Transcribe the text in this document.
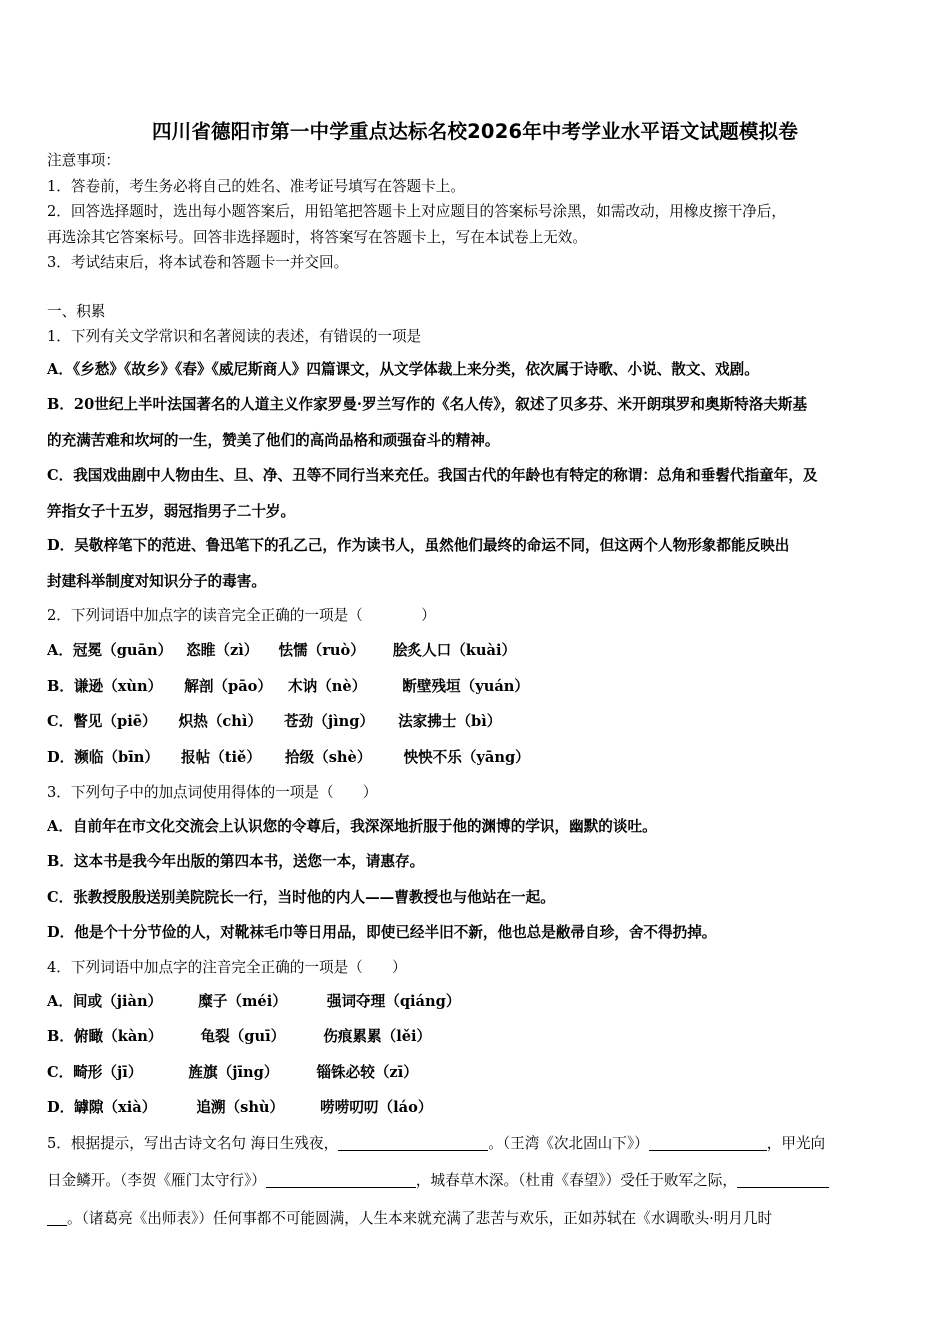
四川省德阳市第一中学重点达标名校2026年中考学业水平语文试题模拟卷
注意事项：
1．答卷前，考生务必将自己的姓名、准考证号填写在答题卡上。
2．回答选择题时，选出每小题答案后，用铅笔把答题卡上对应题目的答案标号涂黑，如需改动，用橡皮擦干净后，
再选涂其它答案标号。回答非选择题时，将答案写在答题卡上，写在本试卷上无效。
3．考试结束后，将本试卷和答题卡一并交回。
一、积累
1．下列有关文学常识和名著阅读的表述，有错误的一项是
A．《乡愁》《故乡》《春》《威尼斯商人》四篇课文，从文学体裁上来分类，依次属于诗歌、小说、散文、戏剧。
B．20世纪上半叶法国著名的人道主义作家罗曼·罗兰写作的《名人传》，叙述了贝多芬、米开朗琪罗和奥斯特洛夫斯基
的充满苦难和坎坷的一生，赞美了他们的高尚品格和顽强奋斗的精神。
C．我国戏曲剧中人物由生、旦、净、丑等不同行当来充任。我国古代的年龄也有特定的称谓：总角和垂髫代指童年，及
笄指女子十五岁，弱冠指男子二十岁。
D．吴敬梓笔下的范进、鲁迅笔下的孔乙己，作为读书人，虽然他们最终的命运不同，但这两个人物形象都能反映出
封建科举制度对知识分子的毒害。
2．下列词语中加点字的读音完全正确的一项是（　　　　）
A．冠冕（guān） 恣睢（zì） 怯懦（ruò） 脍炙人口（kuài）
B．谦逊（xùn） 解剖（pāo） 木讷（nè） 断壁残垣（yuán）
C．瞥见（piē） 炽热（chì） 苍劲（jìng） 法家拂士（bì）
D．濒临（bīn） 报帖（tiě） 拾级（shè） 怏怏不乐（yāng）
3．下列句子中的加点词使用得体的一项是（　　）
A．自前年在市文化交流会上认识您的令尊后，我深深地折服于他的渊博的学识，幽默的谈吐。
B．这本书是我今年出版的第四本书，送您一本，请惠存。
C．张教授殷殷送别美院院长一行，当时他的内人——曹教授也与他站在一起。
D．他是个十分节俭的人，对靴袜毛巾等日用品，即使已经半旧不新，他也总是敝帚自珍，舍不得扔掉。
4．下列词语中加点字的注音完全正确的一项是（　　）
A．间或（jiàn） 糜子（méi）	强词夺理（qiáng）
B．俯瞰（kàn）	龟裂（guī）	伤痕累累（lěi）
C．畸形（jī）	旌旗（jīng）	锱铢必较（zī）
D．罅隙（xià）	追溯（shù） 唠唠叨叨（láo）
5．根据提示，写出古诗文名句 海日生残夜，	。（王湾《次北固山下》）	，甲光向
日金鳞开。（李贺《雁门太守行》）	，城春草木深。（杜甫《春望》）受任于败军之际，
。（诸葛亮《出师表》）任何事都不可能圆满，人生本来就充满了悲苦与欢乐，正如苏轼在《水调歌头·明月几时
